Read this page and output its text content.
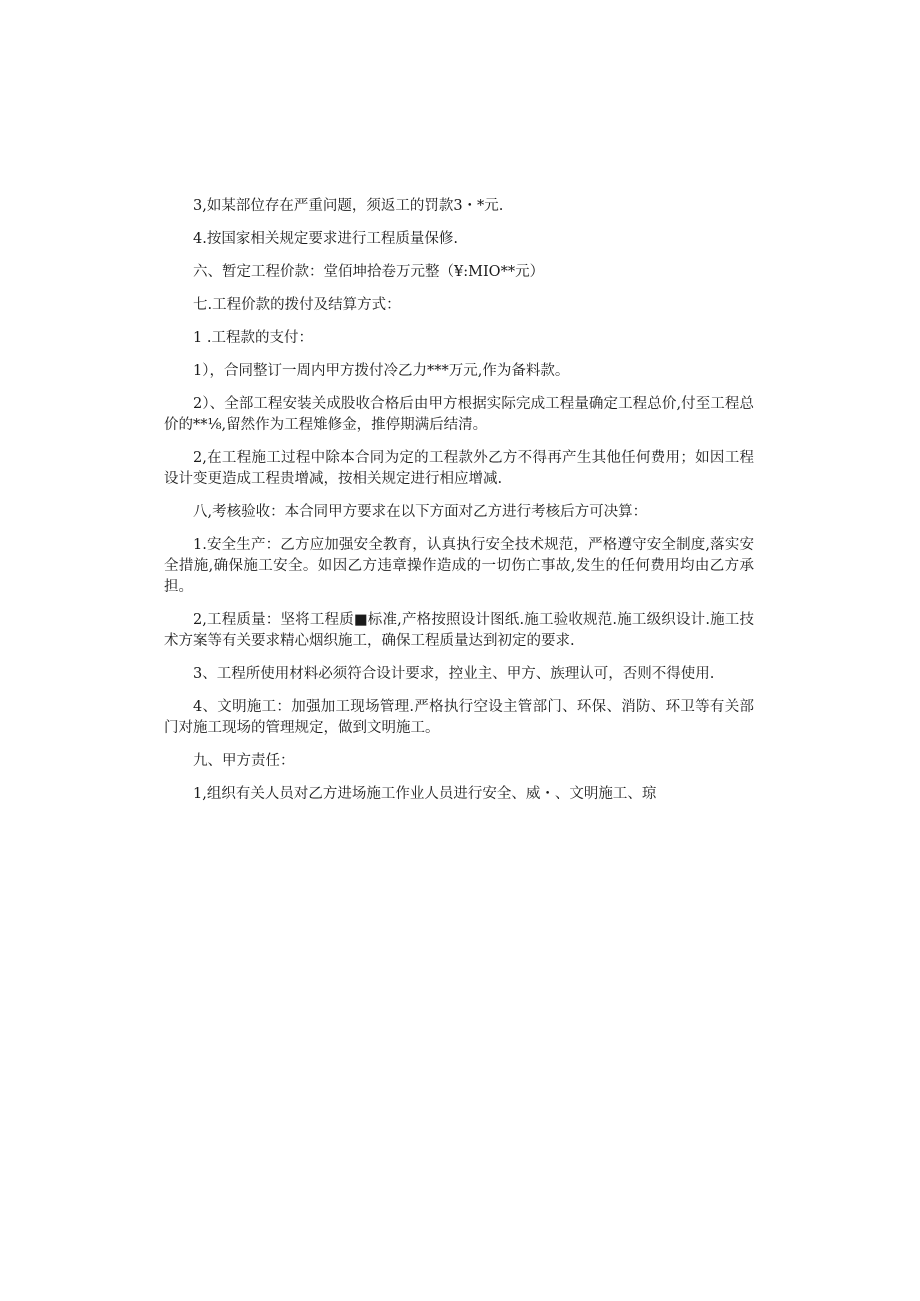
3,如某部位存在严重问题，须返工的罚款3・*元.

4.按国家相关规定要求进行工程质量保修.

六、暂定工程价款：堂佰坤拾卷万元整（¥:MIO**元）

七.工程价款的拨付及结算方式：

1 .工程款的支付：

1），合同整订一周内甲方拨付冷乙力***万元,作为备料款。

2）、全部工程安装关成股收合格后由甲方根据实际完成工程量确定工程总价,付至工程总价的**⅛,留然作为工程雉修金，推停期满后结清。

2,在工程施工过程中除本合同为定的工程款外乙方不得再产生其他任何费用；如因工程设计变更造成工程贵增减，按相关规定进行相应增减.

八,考核验收：本合同甲方要求在以下方面对乙方进行考核后方可决算：

1.安全生产：乙方应加强安全教育，认真执行安全技术规范，严格遵守安全制度,落实安全措施,确保施工安全。如因乙方违章操作造成的一切伤亡事故,发生的任何费用均由乙方承担。

2,工程质量：坚将工程质■标准,产格按照设计图纸.施工验收规范.施工级织设计.施工技术方案等有关要求精心烟织施工，确保工程质量达到初定的要求.

3、工程所使用材料必须符合设计要求，控业主、甲方、族理认可，否则不得使用.

4、文明施工：加强加工现场管理.严格执行空设主管部门、环保、消防、环卫等有关部门对施工现场的管理规定，做到文明施工。

九、甲方责任：

1,组织有关人员对乙方进场施工作业人员进行安全、威・、文明施工、琼
